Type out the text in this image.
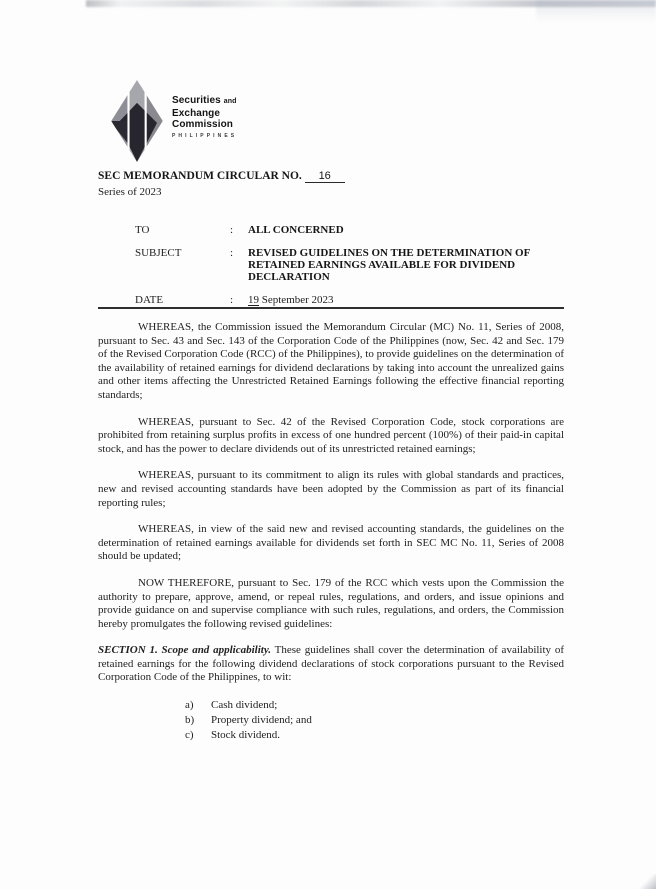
Securities and
Exchange
Commission
PHILIPPINES
SEC MEMORANDUM CIRCULAR NO. 16
Series of 2023
TO	:	ALL CONCERNED
SUBJECT	:	REVISED GUIDELINES ON THE DETERMINATION OF RETAINED EARNINGS AVAILABLE FOR DIVIDEND DECLARATION
DATE	:	19 September 2023

WHEREAS, the Commission issued the Memorandum Circular (MC) No. 11, Series of 2008, pursuant to Sec. 43 and Sec. 143 of the Corporation Code of the Philippines (now, Sec. 42 and Sec. 179 of the Revised Corporation Code (RCC) of the Philippines), to provide guidelines on the determination of the availability of retained earnings for dividend declarations by taking into account the unrealized gains and other items affecting the Unrestricted Retained Earnings following the effective financial reporting standards;

WHEREAS, pursuant to Sec. 42 of the Revised Corporation Code, stock corporations are prohibited from retaining surplus profits in excess of one hundred percent (100%) of their paid-in capital stock, and has the power to declare dividends out of its unrestricted retained earnings;

WHEREAS, pursuant to its commitment to align its rules with global standards and practices, new and revised accounting standards have been adopted by the Commission as part of its financial reporting rules;

WHEREAS, in view of the said new and revised accounting standards, the guidelines on the determination of retained earnings available for dividends set forth in SEC MC No. 11, Series of 2008 should be updated;

NOW THEREFORE, pursuant to Sec. 179 of the RCC which vests upon the Commission the authority to prepare, approve, amend, or repeal rules, regulations, and orders, and issue opinions and provide guidance on and supervise compliance with such rules, regulations, and orders, the Commission hereby promulgates the following revised guidelines:

SECTION 1. Scope and applicability. These guidelines shall cover the determination of availability of retained earnings for the following dividend declarations of stock corporations pursuant to the Revised Corporation Code of the Philippines, to wit:

a)	Cash dividend;
b)	Property dividend; and
c)	Stock dividend.
